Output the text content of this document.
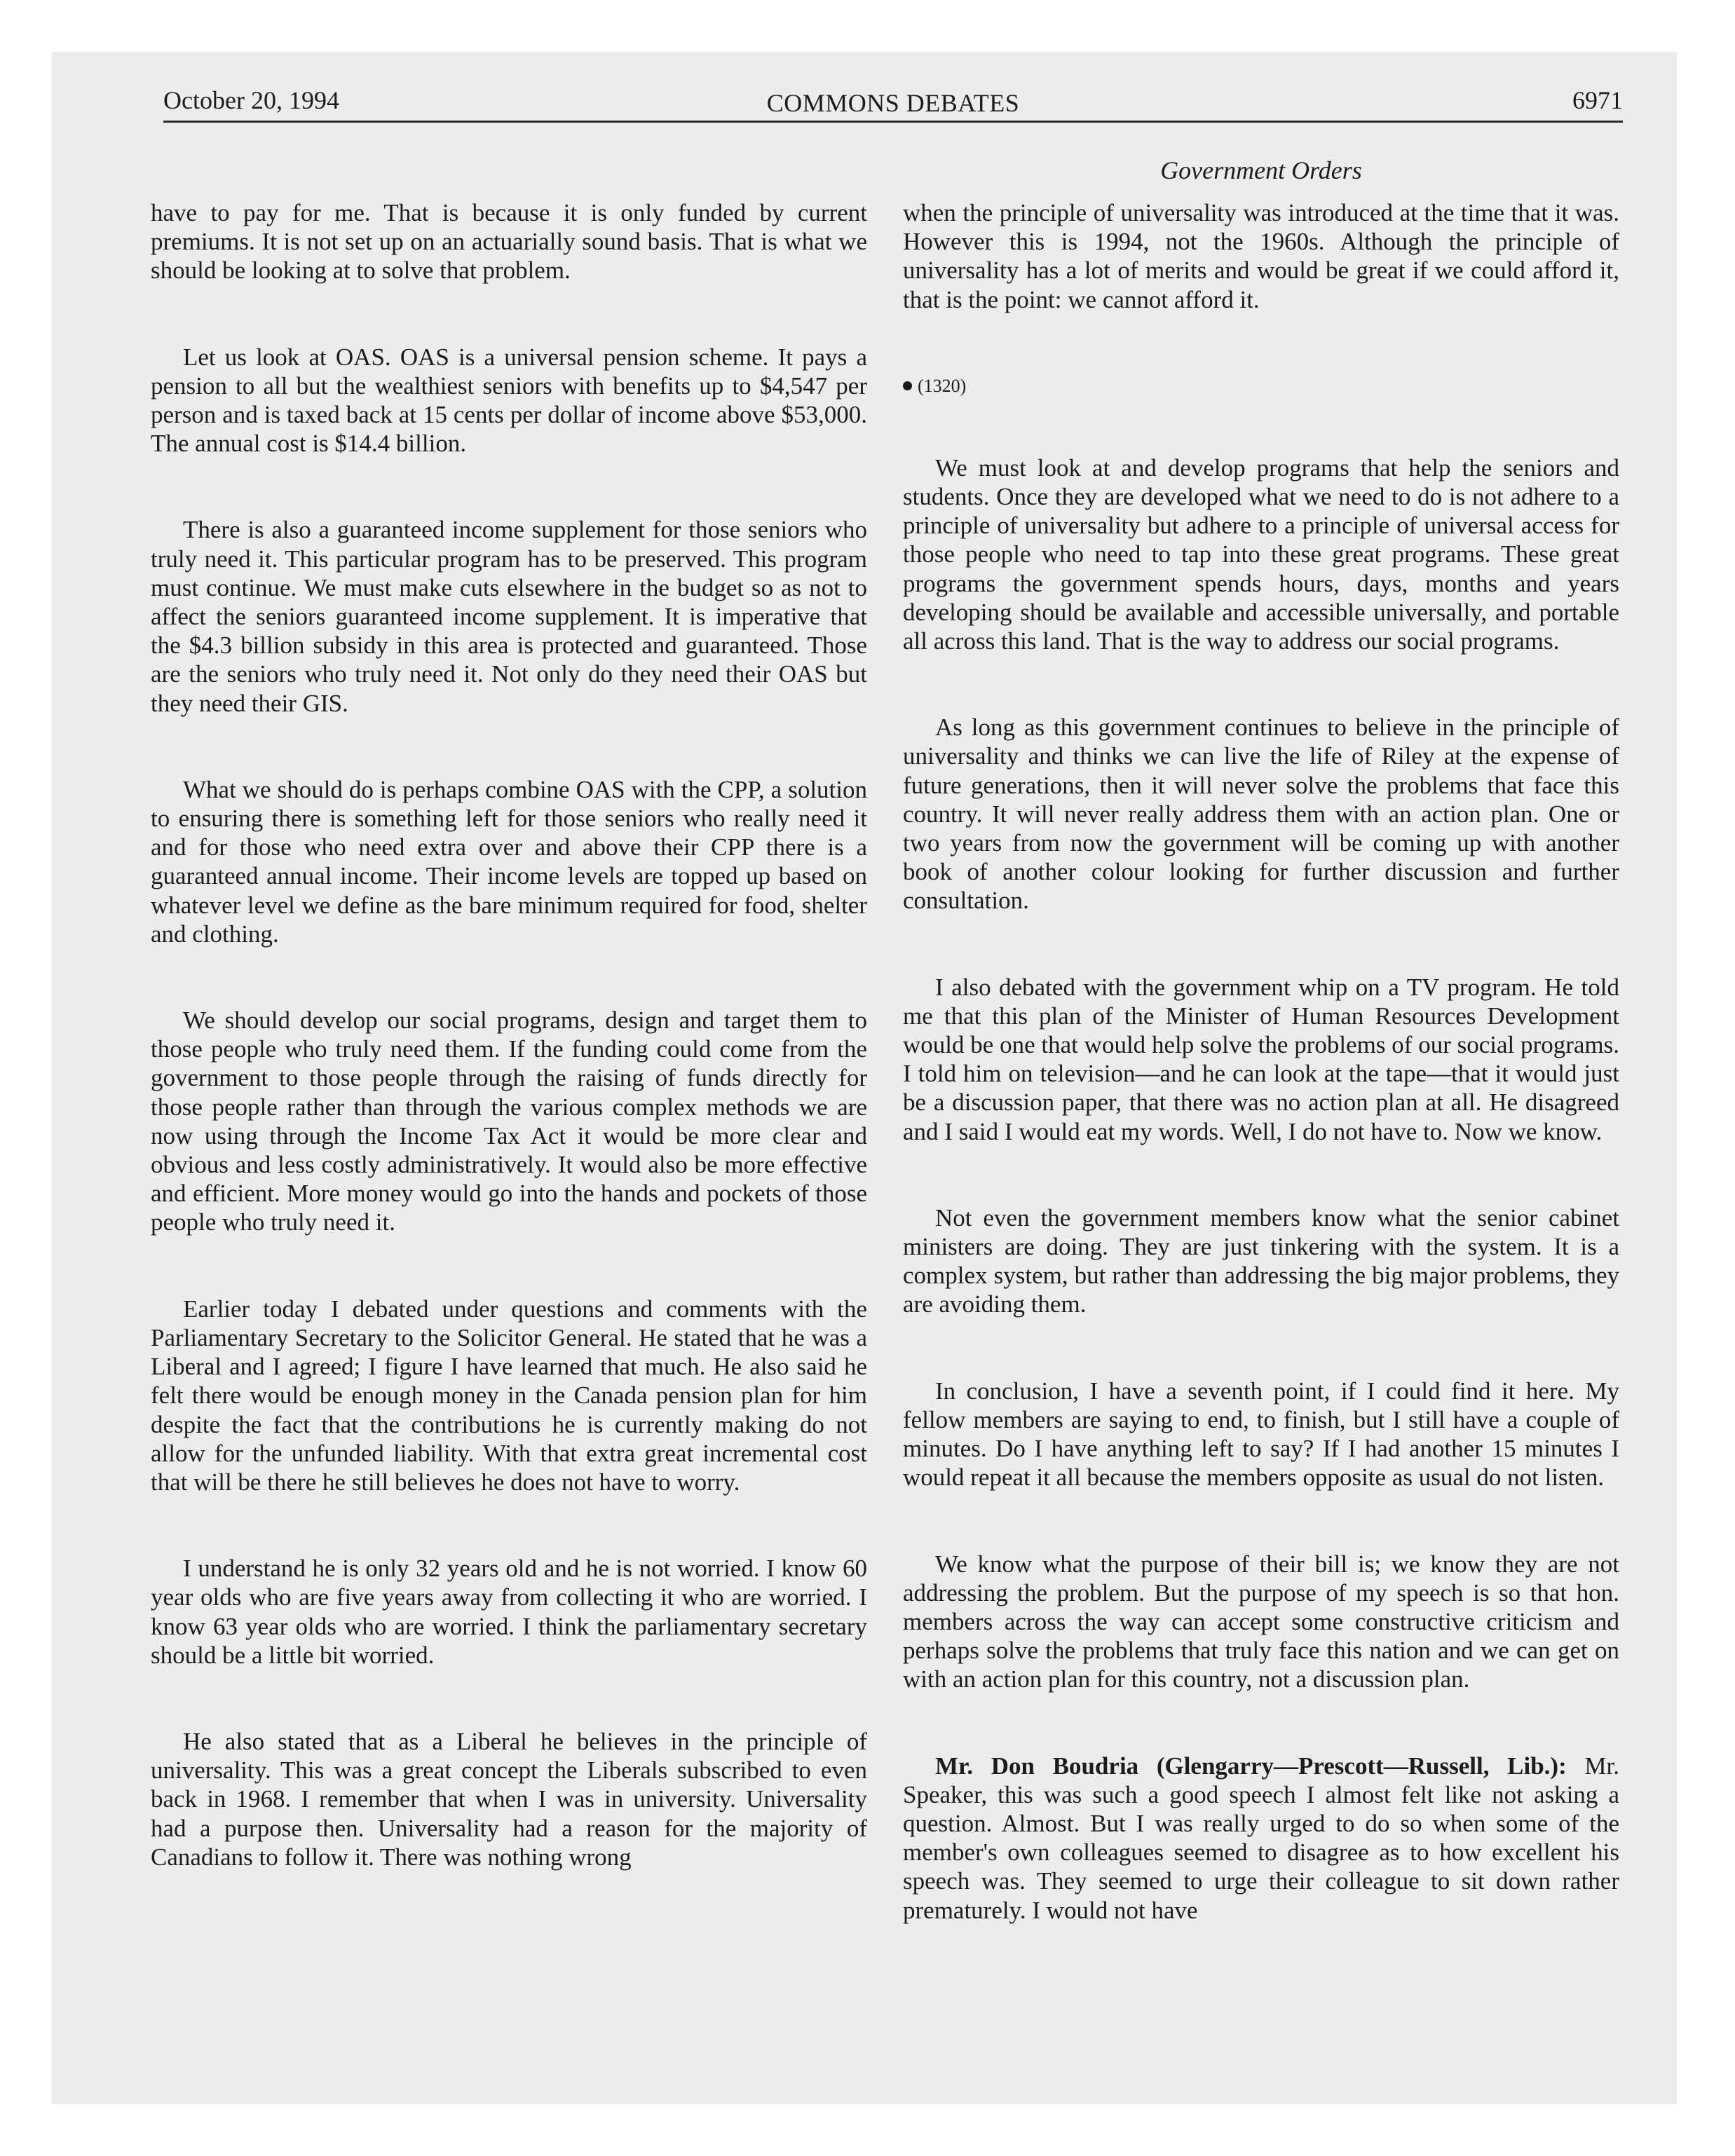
October 20, 1994	COMMONS DEBATES	6971
Government Orders

have to pay for me. That is because it is only funded by current premiums. It is not set up on an actuarially sound basis. That is what we should be looking at to solve that problem.

Let us look at OAS. OAS is a universal pension scheme. It pays a pension to all but the wealthiest seniors with benefits up to $4,547 per person and is taxed back at 15 cents per dollar of income above $53,000. The annual cost is $14.4 billion.

There is also a guaranteed income supplement for those seniors who truly need it. This particular program has to be preserved. This program must continue. We must make cuts elsewhere in the budget so as not to affect the seniors guaranteed income supplement. It is imperative that the $4.3 billion subsidy in this area is protected and guaranteed. Those are the seniors who truly need it. Not only do they need their OAS but they need their GIS.

What we should do is perhaps combine OAS with the CPP, a solution to ensuring there is something left for those seniors who really need it and for those who need extra over and above their CPP there is a guaranteed annual income. Their income levels are topped up based on whatever level we define as the bare minimum required for food, shelter and clothing.

We should develop our social programs, design and target them to those people who truly need them. If the funding could come from the government to those people through the raising of funds directly for those people rather than through the various complex methods we are now using through the Income Tax Act it would be more clear and obvious and less costly administratively. It would also be more effective and efficient. More money would go into the hands and pockets of those people who truly need it.

Earlier today I debated under questions and comments with the Parliamentary Secretary to the Solicitor General. He stated that he was a Liberal and I agreed; I figure I have learned that much. He also said he felt there would be enough money in the Canada pension plan for him despite the fact that the contributions he is currently making do not allow for the unfunded liability. With that extra great incremental cost that will be there he still believes he does not have to worry.

I understand he is only 32 years old and he is not worried. I know 60 year olds who are five years away from collecting it who are worried. I know 63 year olds who are worried. I think the parliamentary secretary should be a little bit worried.

He also stated that as a Liberal he believes in the principle of universality. This was a great concept the Liberals subscribed to even back in 1968. I remember that when I was in university. Universality had a purpose then. Universality had a reason for the majority of Canadians to follow it. There was nothing wrong

when the principle of universality was introduced at the time that it was. However this is 1994, not the 1960s. Although the principle of universality has a lot of merits and would be great if we could afford it, that is the point: we cannot afford it.

(1320)

We must look at and develop programs that help the seniors and students. Once they are developed what we need to do is not adhere to a principle of universality but adhere to a principle of universal access for those people who need to tap into these great programs. These great programs the government spends hours, days, months and years developing should be available and accessible universally, and portable all across this land. That is the way to address our social programs.

As long as this government continues to believe in the principle of universality and thinks we can live the life of Riley at the expense of future generations, then it will never solve the problems that face this country. It will never really address them with an action plan. One or two years from now the government will be coming up with another book of another colour looking for further discussion and further consultation.

I also debated with the government whip on a TV program. He told me that this plan of the Minister of Human Resources Development would be one that would help solve the problems of our social programs. I told him on television—and he can look at the tape—that it would just be a discussion paper, that there was no action plan at all. He disagreed and I said I would eat my words. Well, I do not have to. Now we know.

Not even the government members know what the senior cabinet ministers are doing. They are just tinkering with the system. It is a complex system, but rather than addressing the big major problems, they are avoiding them.

In conclusion, I have a seventh point, if I could find it here. My fellow members are saying to end, to finish, but I still have a couple of minutes. Do I have anything left to say? If I had another 15 minutes I would repeat it all because the members opposite as usual do not listen.

We know what the purpose of their bill is; we know they are not addressing the problem. But the purpose of my speech is so that hon. members across the way can accept some constructive criticism and perhaps solve the problems that truly face this nation and we can get on with an action plan for this country, not a discussion plan.

Mr. Don Boudria (Glengarry—Prescott—Russell, Lib.): Mr. Speaker, this was such a good speech I almost felt like not asking a question. Almost. But I was really urged to do so when some of the member's own colleagues seemed to disagree as to how excellent his speech was. They seemed to urge their colleague to sit down rather prematurely. I would not have
